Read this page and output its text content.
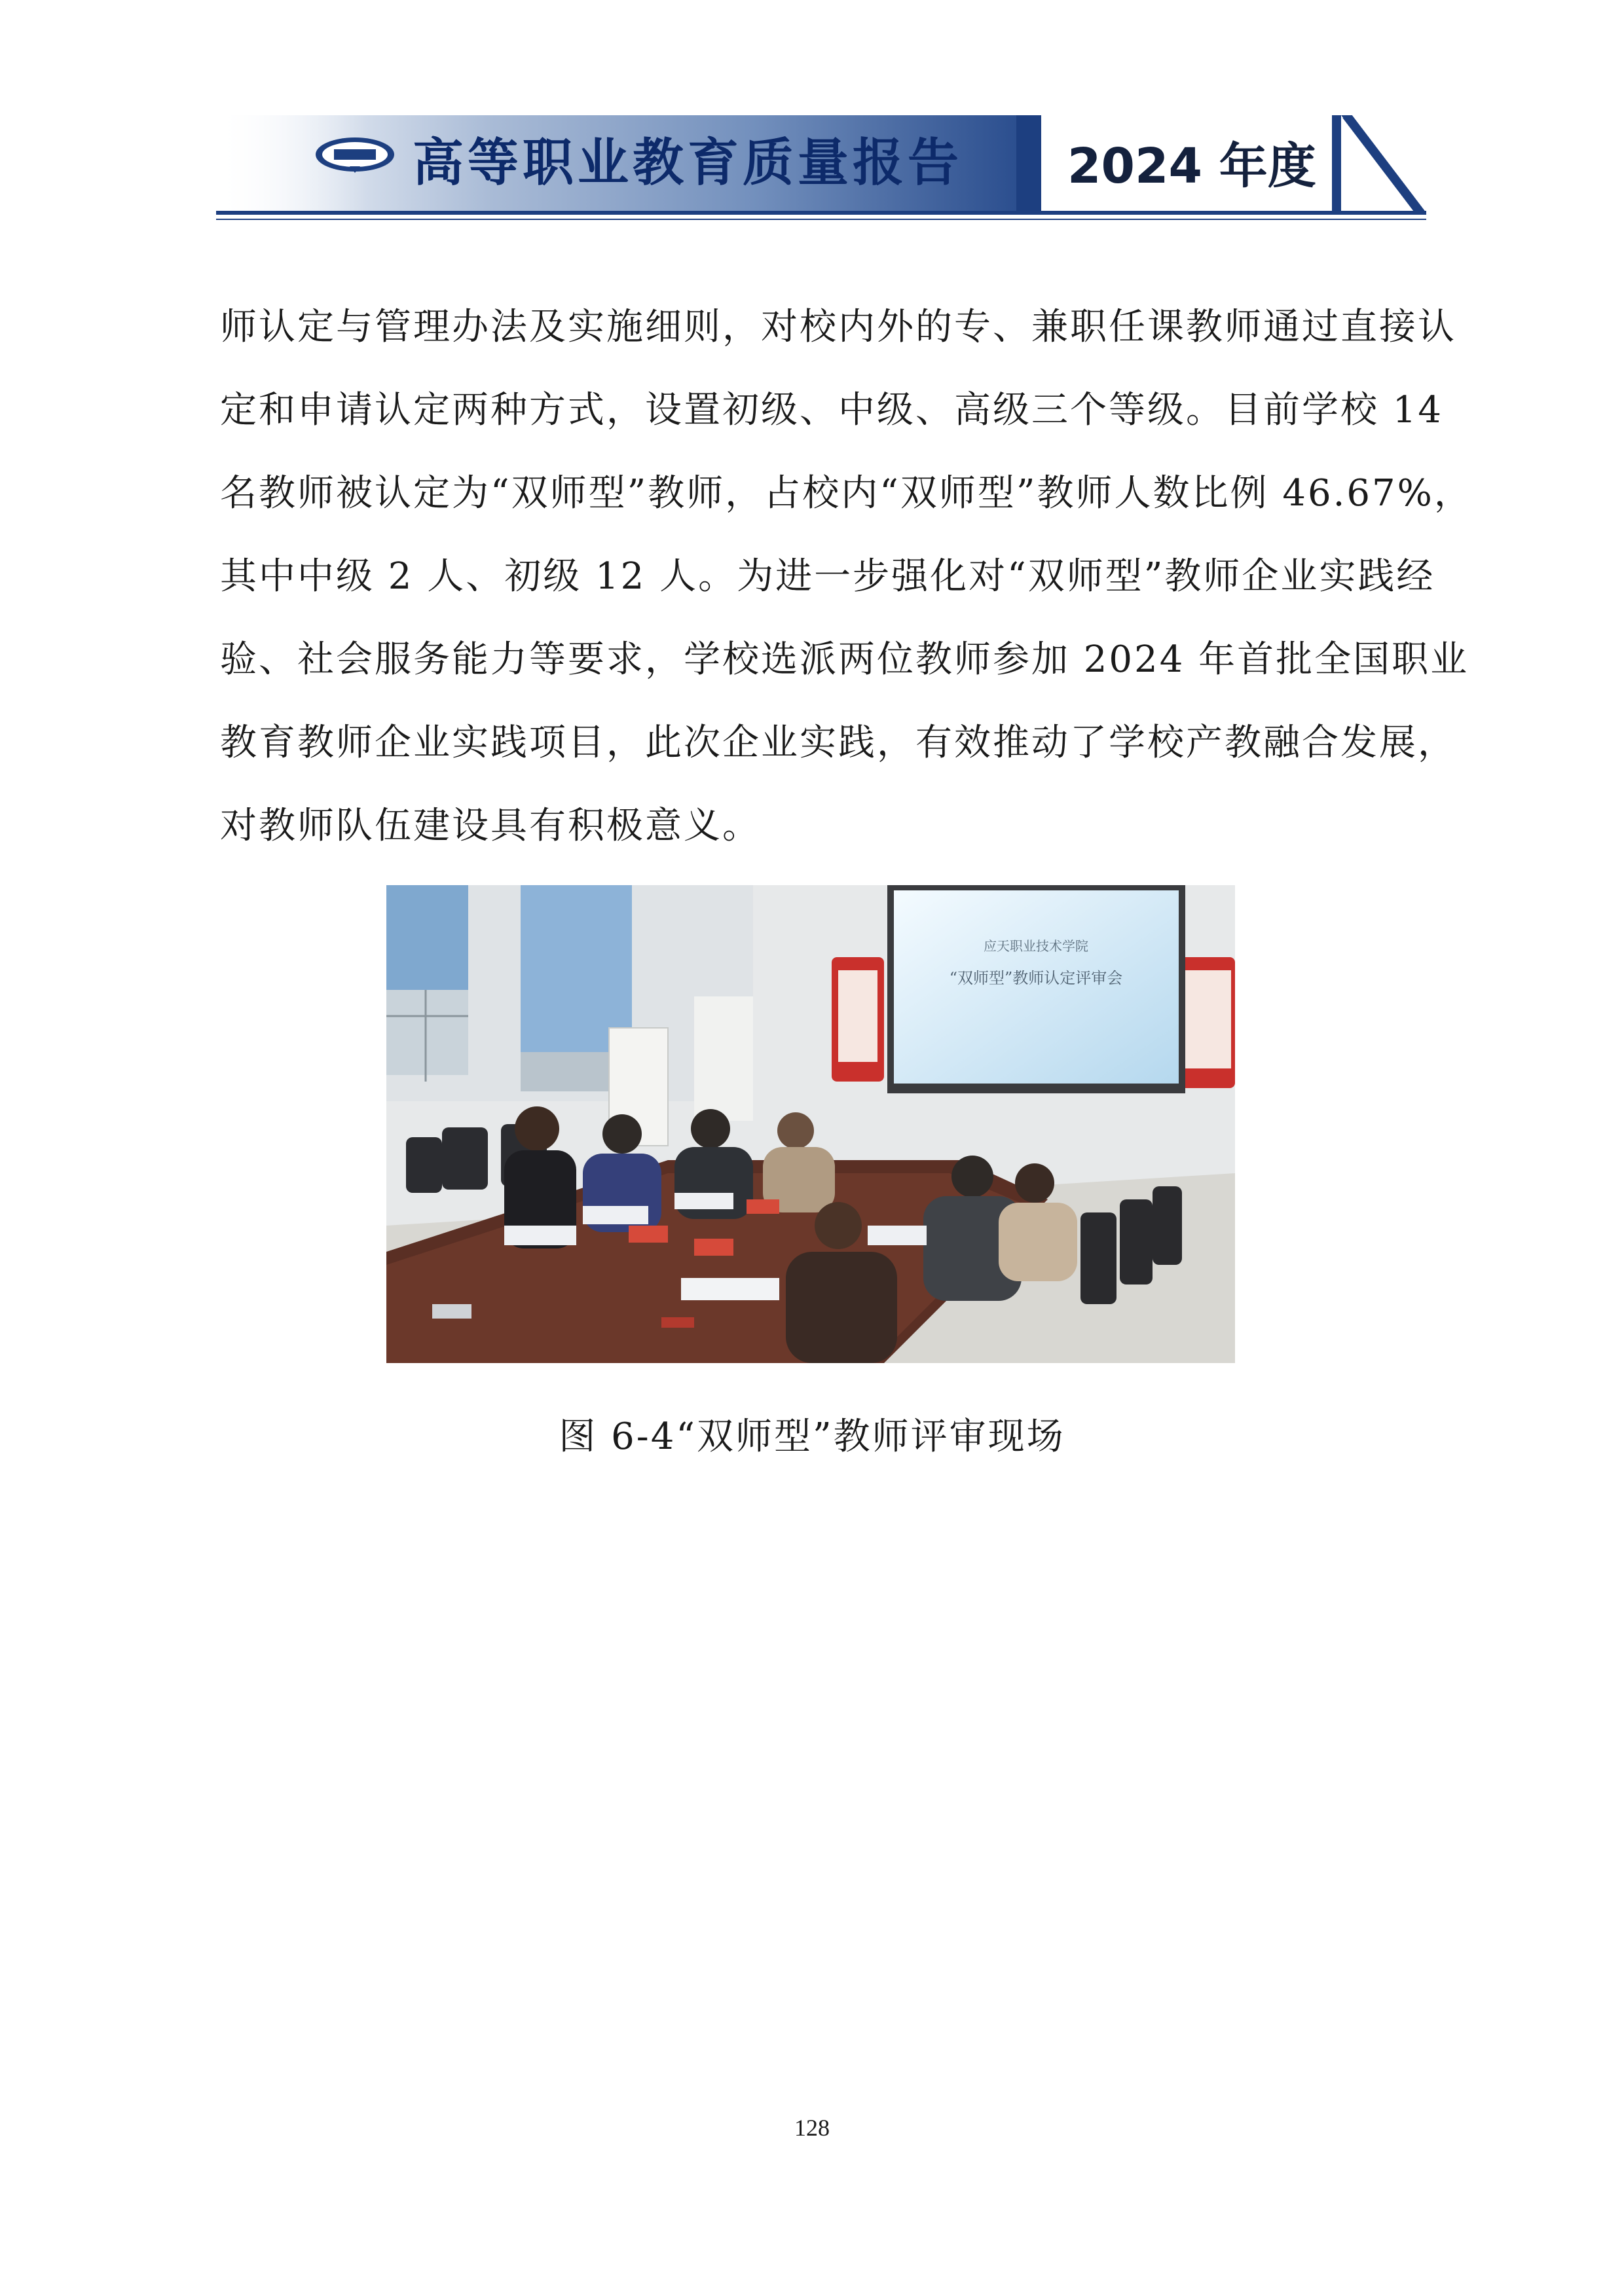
高等职业教育质量报告 2024 年度
师认定与管理办法及实施细则，对校内外的专、兼职任课教师通过直接认
定和申请认定两种方式，设置初级、中级、高级三个等级。目前学校 14
名教师被认定为“双师型”教师，占校内“双师型”教师人数比例 46.67%，
其中中级 2 人、初级 12 人。为进一步强化对“双师型”教师企业实践经
验、社会服务能力等要求，学校选派两位教师参加 2024 年首批全国职业
教育教师企业实践项目，此次企业实践，有效推动了学校产教融合发展，
对教师队伍建设具有积极意义。
应天职业技术学院
“双师型”教师认定评审会
图 6-4“双师型”教师评审现场
128
